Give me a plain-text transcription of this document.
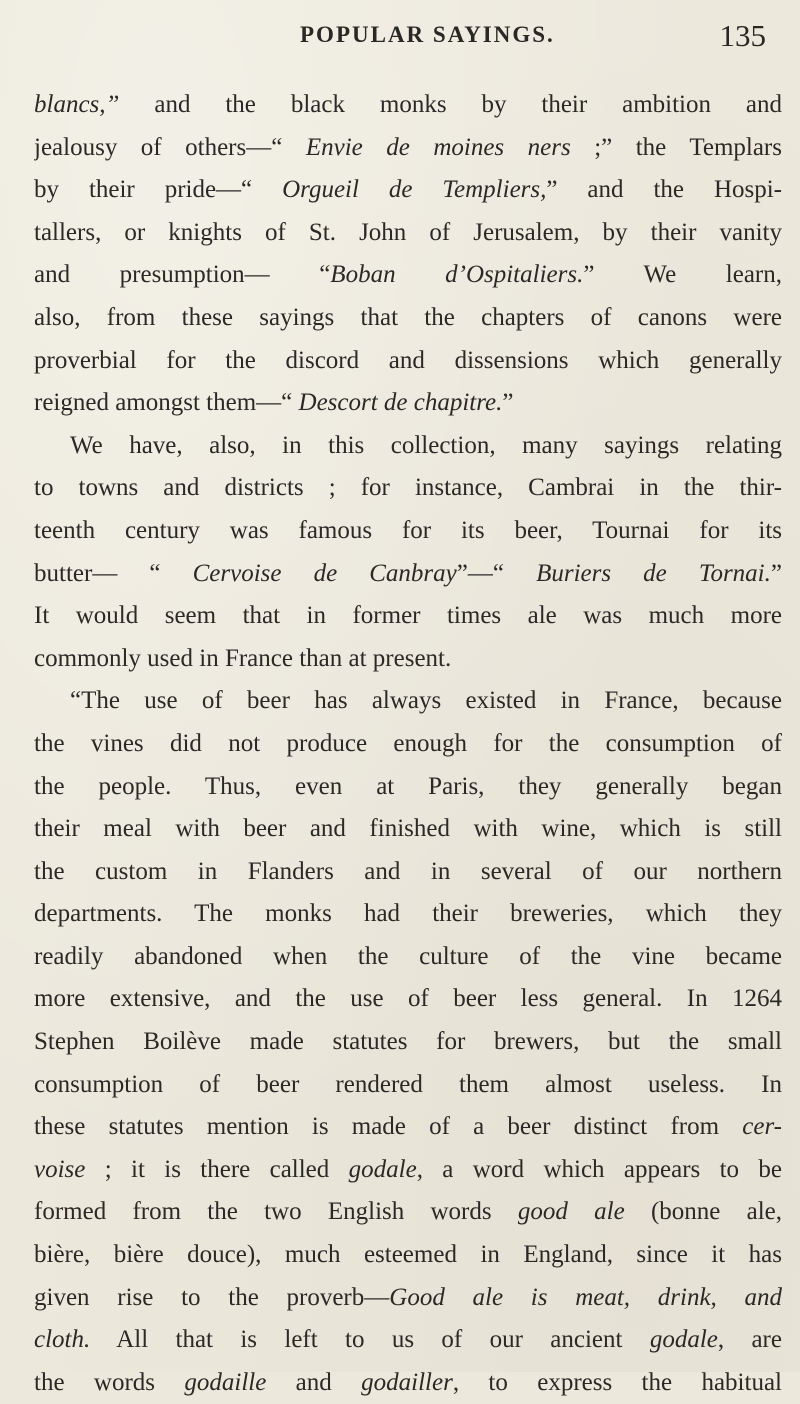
POPULAR SAYINGS.	135
blancs,” and the black monks by their ambition and
jealousy of others—“ Envie de moines ners ;” the Templars
by their pride—“ Orgueil de Templiers,” and the Hospi-
tallers, or knights of St. John of Jerusalem, by their vanity
and presumption— “Boban d’Ospitaliers.” We learn,
also, from these sayings that the chapters of canons were
proverbial for the discord and dissensions which generally
reigned amongst them—“ Descort de chapitre.”
We have, also, in this collection, many sayings relating
to towns and districts ; for instance, Cambrai in the thir-
teenth century was famous for its beer, Tournai for its
butter— “ Cervoise de Canbray”—“ Buriers de Tornai.”
It would seem that in former times ale was much more
commonly used in France than at present.
“The use of beer has always existed in France, because
the vines did not produce enough for the consumption of
the people. Thus, even at Paris, they generally began
their meal with beer and finished with wine, which is still
the custom in Flanders and in several of our northern
departments. The monks had their breweries, which they
readily abandoned when the culture of the vine became
more extensive, and the use of beer less general. In 1264
Stephen Boilève made statutes for brewers, but the small
consumption of beer rendered them almost useless. In
these statutes mention is made of a beer distinct from cer-
voise ; it is there called godale, a word which appears to be
formed from the two English words good ale (bonne ale,
bière, bière douce), much esteemed in England, since it has
given rise to the proverb—Good ale is meat, drink, and
cloth. All that is left to us of our ancient godale, are
the words godaille and godailler, to express the habitual
